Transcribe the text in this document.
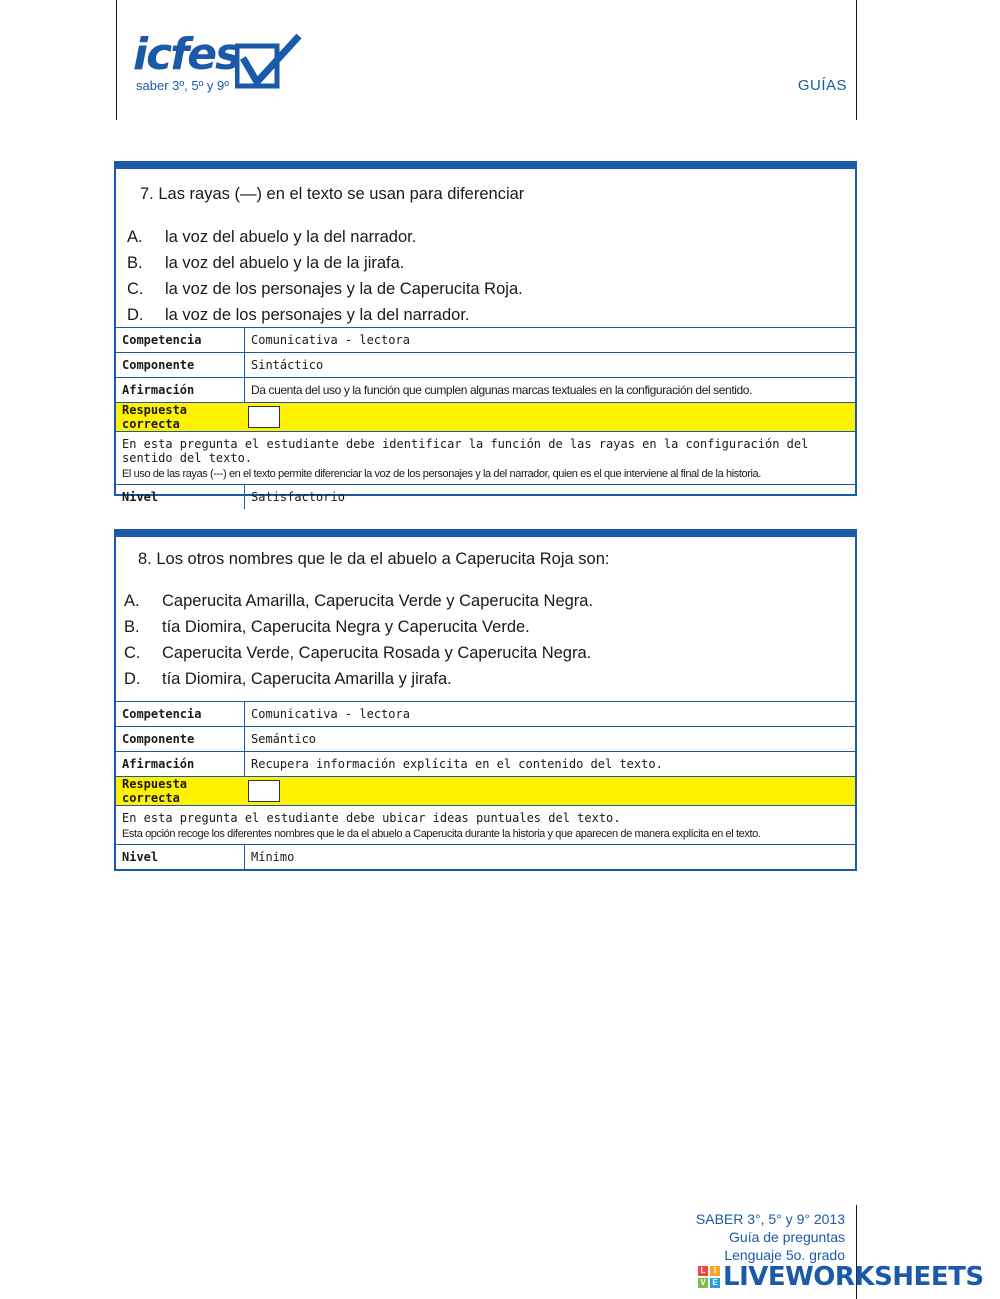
icfes
saber 3º, 5º y 9º	GUÍAS
7. Las rayas (—) en el texto se usan para diferenciar
A. la voz del abuelo y la del narrador.
B. la voz del abuelo y la de la jirafa.
C. la voz de los personajes y la de Caperucita Roja.
D. la voz de los personajes y la del narrador.
Competencia	Comunicativa - lectora
Componente	Sintáctico
Afirmación	Da cuenta del uso y la función que cumplen algunas marcas textuales en la configuración del sentido.
Respuesta correcta	

En esta pregunta el estudiante debe identificar la función de las rayas en la configuración del sentido del texto.
El uso de las rayas (---) en el texto permite diferenciar la voz de los personajes y la del narrador, quien es el que interviene al final de la historia.	

Nivel	Satisfactorio
8. Los otros nombres que le da el abuelo a Caperucita Roja son:
A. Caperucita Amarilla, Caperucita Verde y Caperucita Negra.
B. tía Diomira, Caperucita Negra y Caperucita Verde.
C. Caperucita Verde, Caperucita Rosada y Caperucita Negra.
D. tía Diomira, Caperucita Amarilla y jirafa.
Competencia	Comunicativa - lectora
Componente	Semántico
Afirmación	Recupera información explícita en el contenido del texto.
Respuesta correcta	

En esta pregunta el estudiante debe ubicar ideas puntuales del texto.
Esta opción recoge los diferentes nombres que le da el abuelo a Caperucita durante la historia y que aparecen de manera explícita en el texto.	

Nivel	Mínimo
SABER 3°, 5° y 9° 2013
Guía de preguntas
Lenguaje 5o. grado
L	I
V E LIVEWORKSHEETS
